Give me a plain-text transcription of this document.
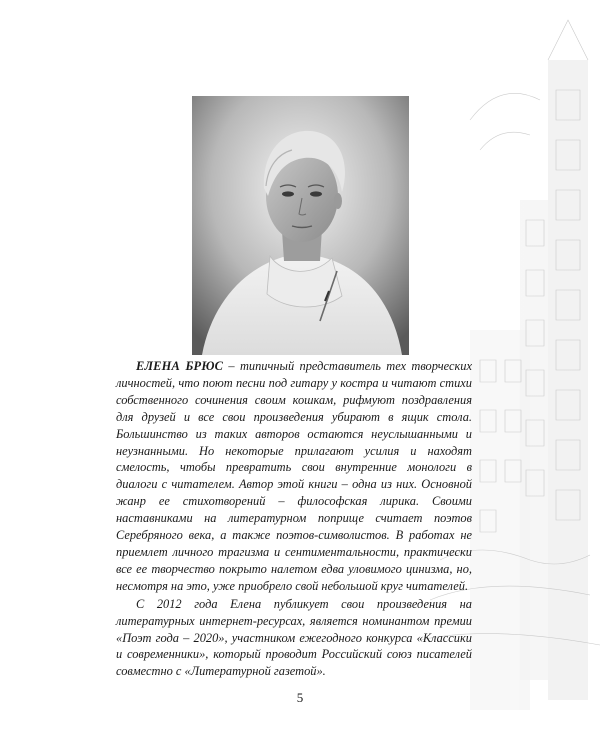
ЕЛЕНА БРЮС – типичный представитель тех творческих личностей, что поют песни под гитару у костра и читают стихи собственного сочинения своим кошкам, рифмуют поздравления для друзей и все свои произведения убирают в ящик стола. Большинство из таких авторов остаются неуслышанными и неузнанными. Но некоторые прилагают усилия и находят смелость, чтобы превратить свои внутренние монологи в диалоги с читателем. Автор этой книги – одна из них. Основной жанр ее стихотворений – философская лирика. Своими наставниками на литературном поприще считает поэтов Серебряного века, а также поэтов-символистов. В работах не приемлет личного трагизма и сентиментальности, практически все ее творчество покрыто налетом едва уловимого цинизма, но, несмотря на это, уже приобрело свой небольшой круг читателей.

С 2012 года Елена публикует свои произведения на литературных интернет-ресурсах, является номинантом премии «Поэт года – 2020», участником ежегодного конкурса «Классики и современники», который проводит Российский союз писателей совместно с «Литературной газетой».

5
